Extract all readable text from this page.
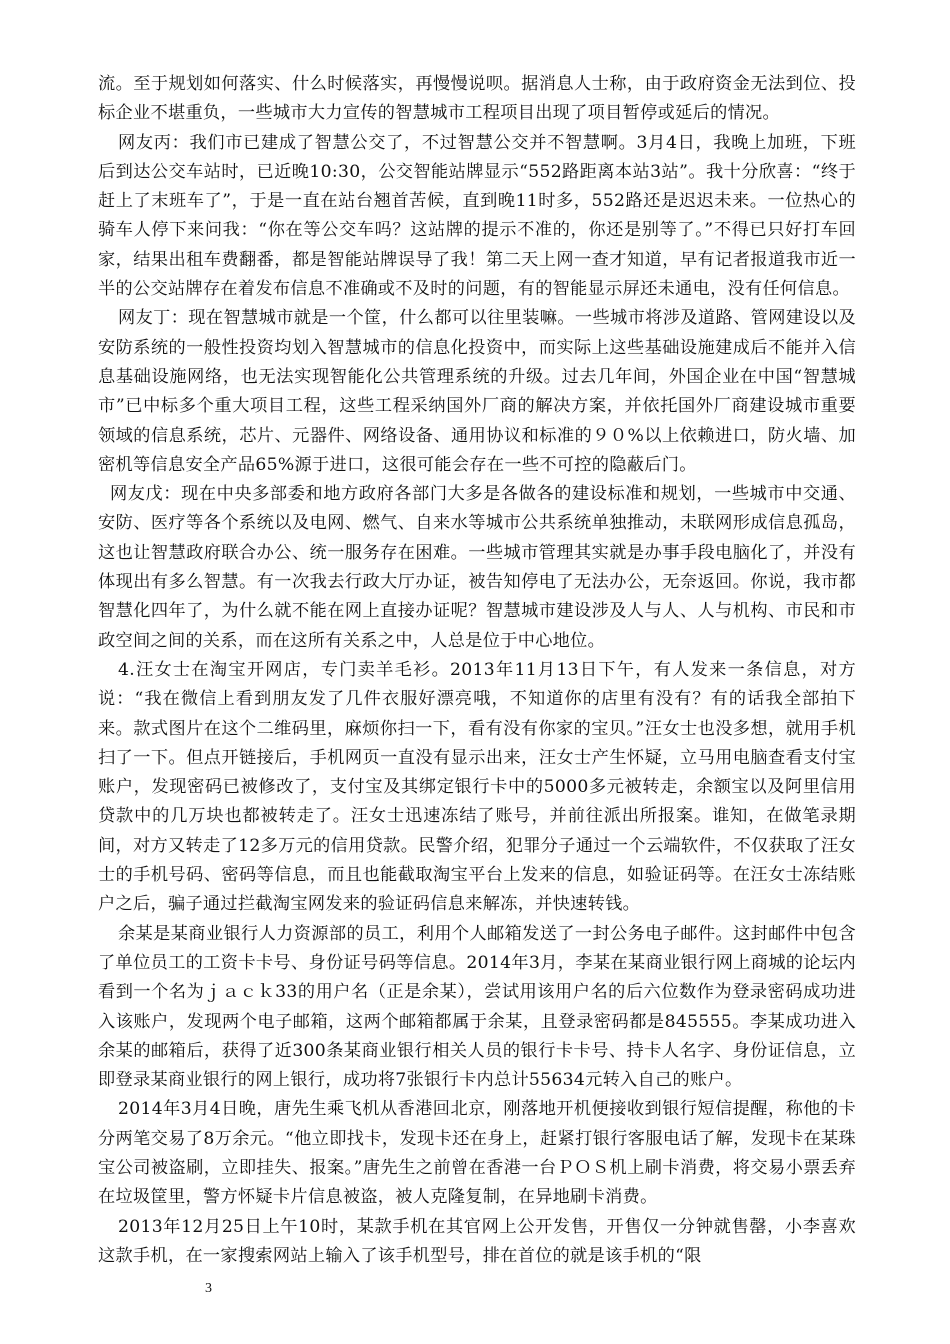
流。至于规划如何落实、什么时候落实，再慢慢说呗。据消息人士称，由于政府资金无法到位、投标企业不堪重负，一些城市大力宣传的智慧城市工程项目出现了项目暂停或延后的情况。

网友丙：我们市已建成了智慧公交了，不过智慧公交并不智慧啊。3月4日，我晚上加班，下班后到达公交车站时，已近晚10:30，公交智能站牌显示“552路距离本站3站”。我十分欣喜：“终于赶上了末班车了”，于是一直在站台翘首苦候，直到晚11时多，552路还是迟迟未来。一位热心的骑车人停下来问我：“你在等公交车吗？这站牌的提示不准的，你还是别等了。”不得已只好打车回家，结果出租车费翻番，都是智能站牌误导了我！第二天上网一查才知道，早有记者报道我市近一半的公交站牌存在着发布信息不准确或不及时的问题，有的智能显示屏还未通电，没有任何信息。

网友丁：现在智慧城市就是一个筐，什么都可以往里装嘛。一些城市将涉及道路、管网建设以及安防系统的一般性投资均划入智慧城市的信息化投资中，而实际上这些基础设施建成后不能并入信息基础设施网络，也无法实现智能化公共管理系统的升级。过去几年间，外国企业在中国“智慧城市”已中标多个重大项目工程，这些工程采纳国外厂商的解决方案，并依托国外厂商建设城市重要领域的信息系统，芯片、元器件、网络设备、通用协议和标准的９０%以上依赖进口，防火墙、加密机等信息安全产品65%源于进口，这很可能会存在一些不可控的隐蔽后门。

网友戊：现在中央多部委和地方政府各部门大多是各做各的建设标准和规划，一些城市中交通、安防、医疗等各个系统以及电网、燃气、自来水等城市公共系统单独推动，未联网形成信息孤岛，这也让智慧政府联合办公、统一服务存在困难。一些城市管理其实就是办事手段电脑化了，并没有体现出有多么智慧。有一次我去行政大厅办证，被告知停电了无法办公，无奈返回。你说，我市都智慧化四年了，为什么就不能在网上直接办证呢？智慧城市建设涉及人与人、人与机构、市民和市政空间之间的关系，而在这所有关系之中，人总是位于中心地位。

4.汪女士在淘宝开网店，专门卖羊毛衫。2013年11月13日下午，有人发来一条信息，对方说：“我在微信上看到朋友发了几件衣服好漂亮哦，不知道你的店里有没有？有的话我全部拍下来。款式图片在这个二维码里，麻烦你扫一下，看有没有你家的宝贝。”汪女士也没多想，就用手机扫了一下。但点开链接后，手机网页一直没有显示出来，汪女士产生怀疑，立马用电脑查看支付宝账户，发现密码已被修改了，支付宝及其绑定银行卡中的5000多元被转走，余额宝以及阿里信用贷款中的几万块也都被转走了。汪女士迅速冻结了账号，并前往派出所报案。谁知，在做笔录期间，对方又转走了12多万元的信用贷款。民警介绍，犯罪分子通过一个云端软件，不仅获取了汪女士的手机号码、密码等信息，而且也能截取淘宝平台上发来的信息，如验证码等。在汪女士冻结账户之后，骗子通过拦截淘宝网发来的验证码信息来解冻，并快速转钱。

余某是某商业银行人力资源部的员工，利用个人邮箱发送了一封公务电子邮件。这封邮件中包含了单位员工的工资卡卡号、身份证号码等信息。2014年3月，李某在某商业银行网上商城的论坛内看到一个名为ｊａｃｋ33的用户名（正是余某），尝试用该用户名的后六位数作为登录密码成功进入该账户，发现两个电子邮箱，这两个邮箱都属于余某，且登录密码都是845555。李某成功进入余某的邮箱后，获得了近300条某商业银行相关人员的银行卡卡号、持卡人名字、身份证信息，立即登录某商业银行的网上银行，成功将7张银行卡内总计55634元转入自己的账户。

2014年3月4日晚，唐先生乘飞机从香港回北京，刚落地开机便接收到银行短信提醒，称他的卡分两笔交易了8万余元。“他立即找卡，发现卡还在身上，赶紧打银行客服电话了解，发现卡在某珠宝公司被盗刷，立即挂失、报案。”唐先生之前曾在香港一台ＰＯＳ机上刷卡消费，将交易小票丢弃在垃圾筐里，警方怀疑卡片信息被盗，被人克隆复制，在异地刷卡消费。

2013年12月25日上午10时，某款手机在其官网上公开发售，开售仅一分钟就售罄，小李喜欢这款手机，在一家搜索网站上输入了该手机型号，排在首位的就是该手机的“限

3
